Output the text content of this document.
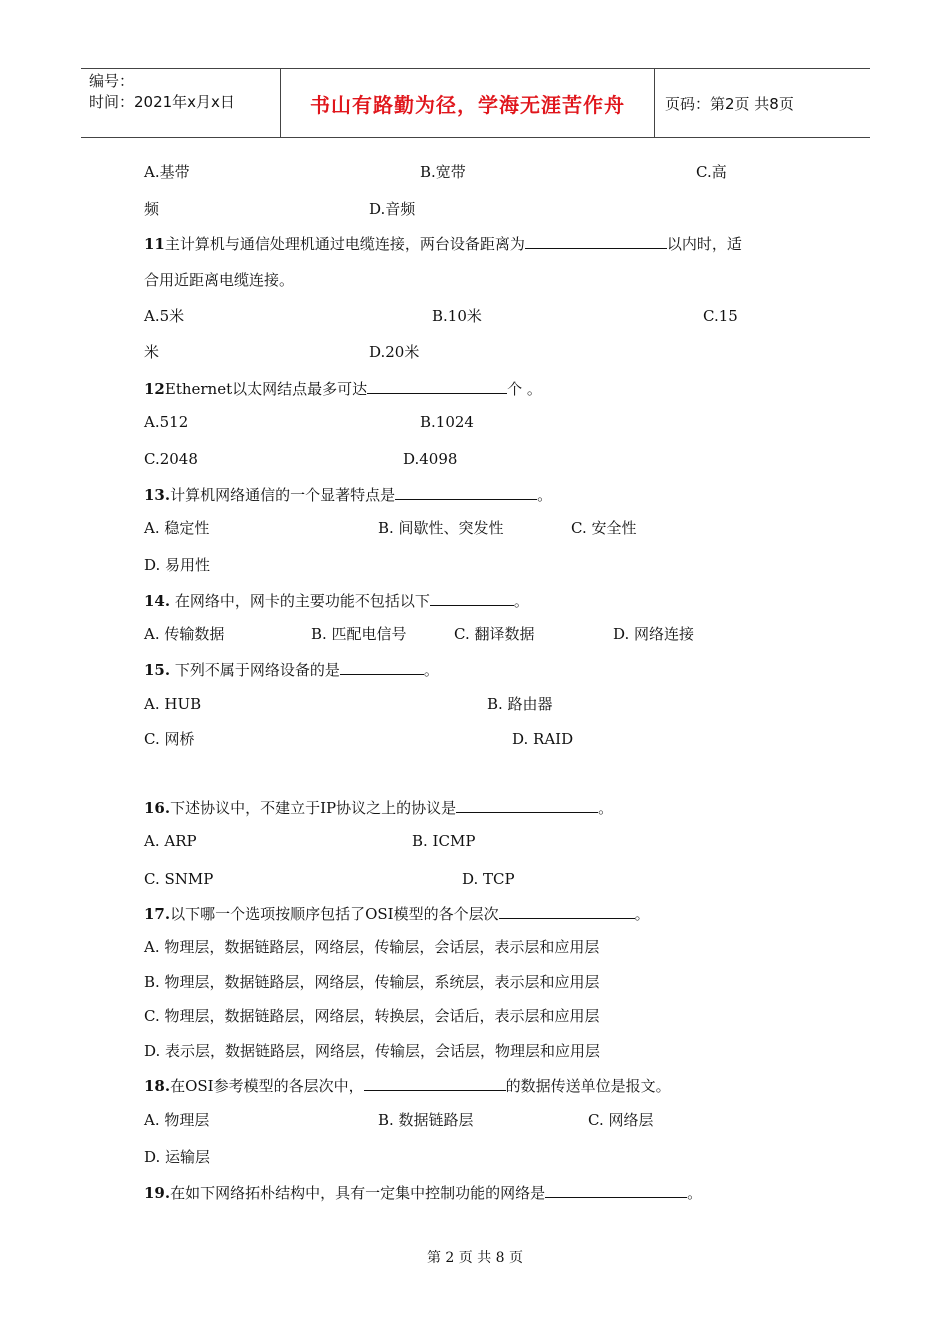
编号：
时间：2021年x月x日	书山有路勤为径，学海无涯苦作舟	页码：第2页 共8页
A.基带	B.宽带	C.高
频	D.音频
11主计算机与通信处理机通过电缆连接，两台设备距离为	以内时，适
合用近距离电缆连接。
A.5米	B.10米	C.15
米	D.20米
12Ethernet以太网结点最多可达	个 。
A.512	B.1024
C.2048	D.4098
13.计算机网络通信的一个显著特点是	。
A. 稳定性	B. 间歇性、突发性	C. 安全性
D. 易用性
14. 在网络中，网卡的主要功能不包括以下	。
A. 传输数据	B. 匹配电信号	C. 翻译数据	D. 网络连接
15. 下列不属于网络设备的是	。
A. HUB	B. 路由器
C. 网桥	D. RAID
16.下述协议中，不建立于IP协议之上的协议是	。
A. ARP	B. ICMP
C. SNMP	D. TCP
17.以下哪一个选项按顺序包括了OSI模型的各个层次	。
A. 物理层，数据链路层，网络层，传输层，会话层，表示层和应用层
B. 物理层，数据链路层，网络层，传输层，系统层，表示层和应用层
C. 物理层，数据链路层，网络层，转换层，会话后，表示层和应用层
D. 表示层，数据链路层，网络层，传输层，会话层，物理层和应用层
18.在OSI参考模型的各层次中，	的数据传送单位是报文。
A. 物理层	B. 数据链路层	C. 网络层
D. 运输层
19.在如下网络拓朴结构中，具有一定集中控制功能的网络是	。
第 2 页 共 8 页
